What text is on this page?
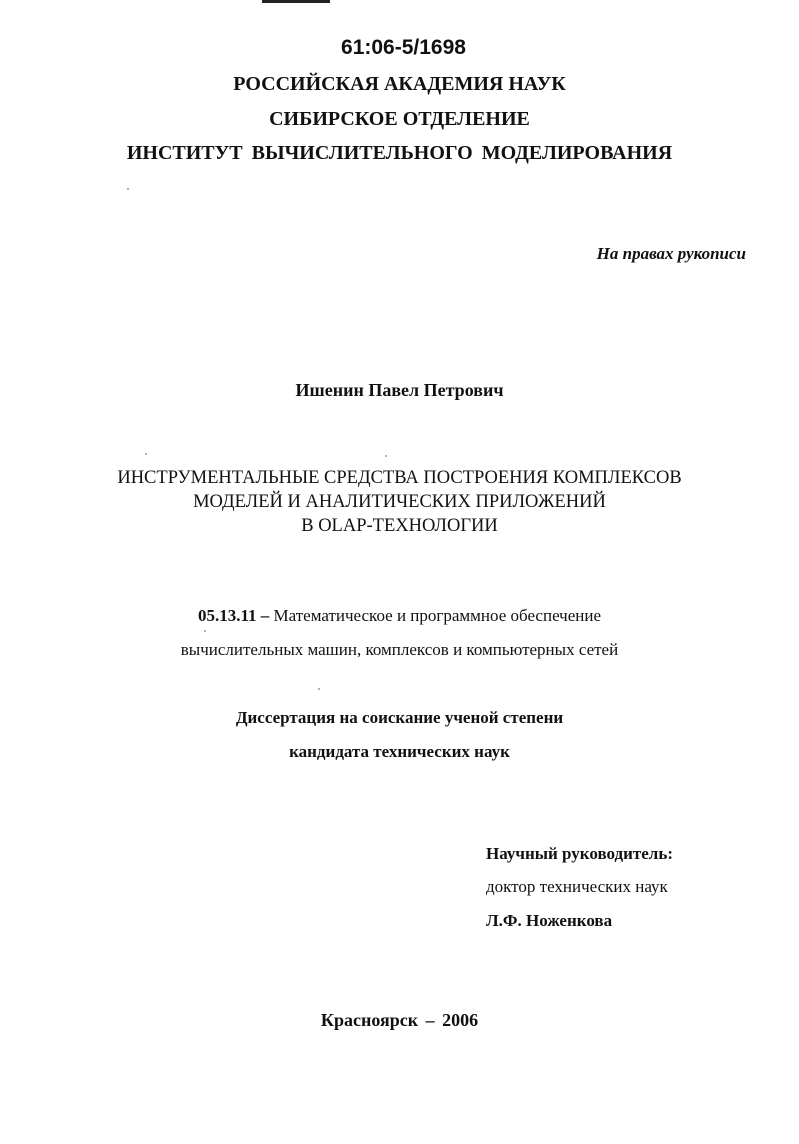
61:06-5/1698
РОССИЙСКАЯ АКАДЕМИЯ НАУК
СИБИРСКОЕ ОТДЕЛЕНИЕ
ИНСТИТУТ ВЫЧИСЛИТЕЛЬНОГО МОДЕЛИРОВАНИЯ
На правах рукописи
Ишенин Павел Петрович
ИНСТРУМЕНТАЛЬНЫЕ СРЕДСТВА ПОСТРОЕНИЯ КОМПЛЕКСОВ
МОДЕЛЕЙ И АНАЛИТИЧЕСКИХ ПРИЛОЖЕНИЙ
В OLAP-ТЕХНОЛОГИИ
05.13.11 – Математическое и программное обеспечение
вычислительных машин, комплексов и компьютерных сетей
Диссертация на соискание ученой степени
кандидата технических наук
Научный руководитель:
доктор технических наук
Л.Ф. Ноженкова
Красноярск – 2006
